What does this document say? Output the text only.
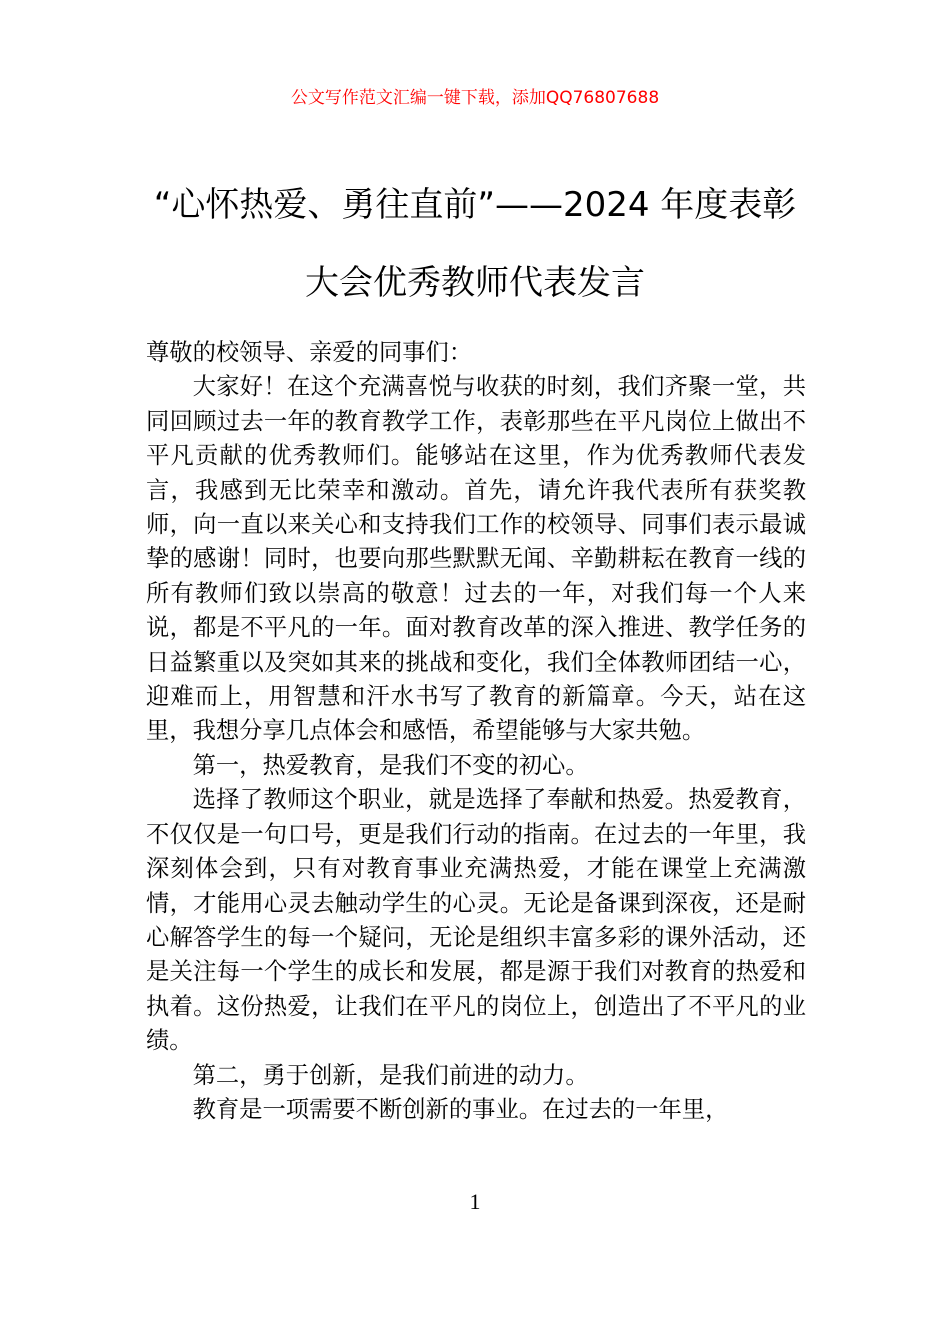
公文写作范文汇编一键下载，添加QQ76807688
“心怀热爱、勇往直前”——2024 年度表彰
大会优秀教师代表发言

尊敬的校领导、亲爱的同事们：

大家好！在这个充满喜悦与收获的时刻，我们齐聚一堂，共同回顾过去一年的教育教学工作，表彰那些在平凡岗位上做出不平凡贡献的优秀教师们。能够站在这里，作为优秀教师代表发言，我感到无比荣幸和激动。首先，请允许我代表所有获奖教师，向一直以来关心和支持我们工作的校领导、同事们表示最诚挚的感谢！同时，也要向那些默默无闻、辛勤耕耘在教育一线的所有教师们致以崇高的敬意！过去的一年，对我们每一个人来说，都是不平凡的一年。面对教育改革的深入推进、教学任务的日益繁重以及突如其来的挑战和变化，我们全体教师团结一心，迎难而上，用智慧和汗水书写了教育的新篇章。今天，站在这里，我想分享几点体会和感悟，希望能够与大家共勉。

第一，热爱教育，是我们不变的初心。

选择了教师这个职业，就是选择了奉献和热爱。热爱教育，不仅仅是一句口号，更是我们行动的指南。在过去的一年里，我深刻体会到，只有对教育事业充满热爱，才能在课堂上充满激情，才能用心灵去触动学生的心灵。无论是备课到深夜，还是耐心解答学生的每一个疑问，无论是组织丰富多彩的课外活动，还是关注每一个学生的成长和发展，都是源于我们对教育的热爱和执着。这份热爱，让我们在平凡的岗位上，创造出了不平凡的业绩。

第二，勇于创新，是我们前进的动力。

教育是一项需要不断创新的事业。在过去的一年里，

1
